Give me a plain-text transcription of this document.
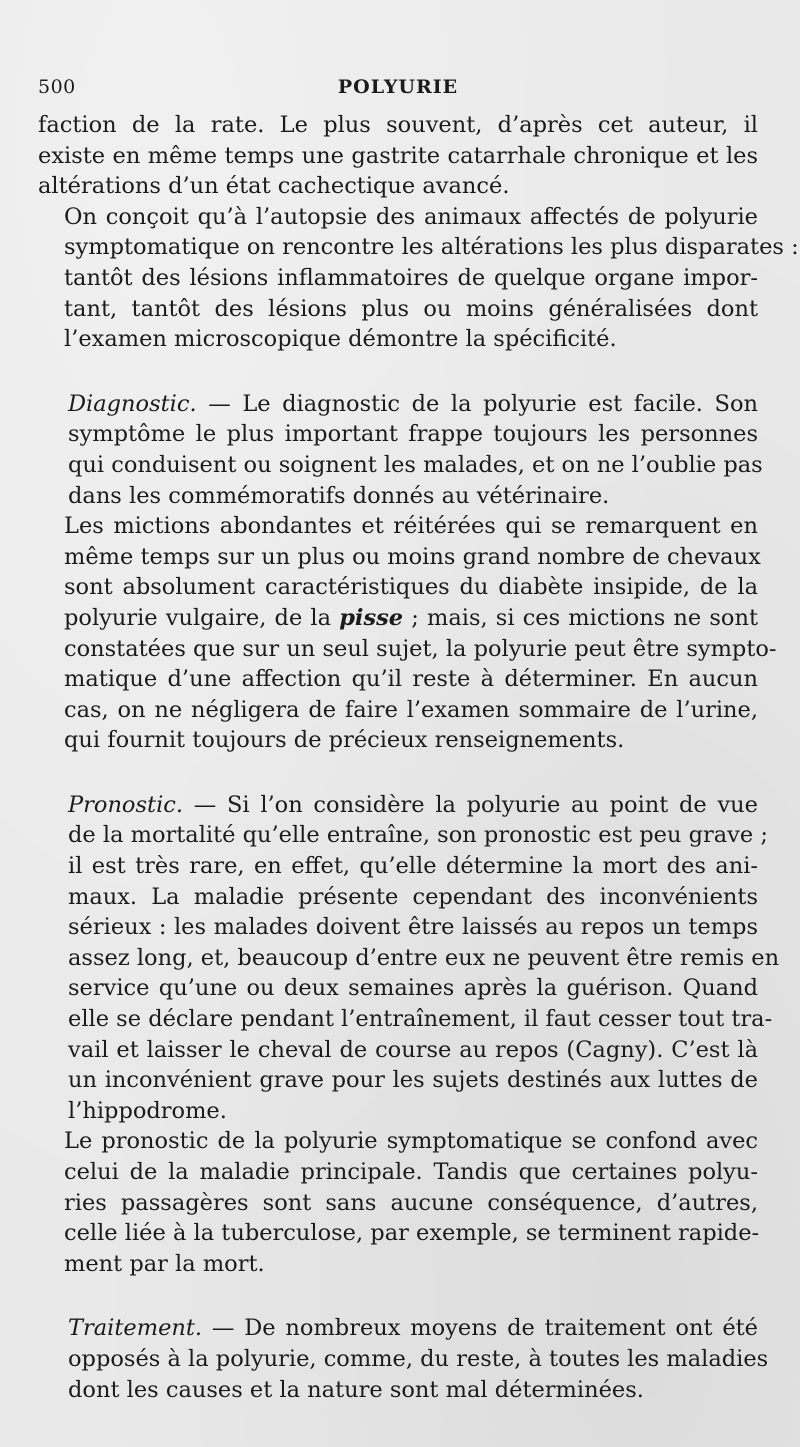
500	POLYURIE

faction de la rate. Le plus souvent, d’après cet auteur, il
existe en même temps une gastrite catarrhale chronique et les
altérations d’un état cachectique avancé.

On conçoit qu’à l’autopsie des animaux affectés de polyurie
symptomatique on rencontre les altérations les plus disparates :
tantôt des lésions inflammatoires de quelque organe impor-
tant, tantôt des lésions plus ou moins généralisées dont
l’examen microscopique démontre la spécificité.

Diagnostic. — Le diagnostic de la polyurie est facile. Son
symptôme le plus important frappe toujours les personnes
qui conduisent ou soignent les malades, et on ne l’oublie pas
dans les commémoratifs donnés au vétérinaire.

Les mictions abondantes et réitérées qui se remarquent en
même temps sur un plus ou moins grand nombre de chevaux
sont absolument caractéristiques du diabète insipide, de la
polyurie vulgaire, de la pisse ; mais, si ces mictions ne sont
constatées que sur un seul sujet, la polyurie peut être sympto-
matique d’une affection qu’il reste à déterminer. En aucun
cas, on ne négligera de faire l’examen sommaire de l’urine,
qui fournit toujours de précieux renseignements.

Pronostic. — Si l’on considère la polyurie au point de vue
de la mortalité qu’elle entraîne, son pronostic est peu grave ;
il est très rare, en effet, qu’elle détermine la mort des ani-
maux. La maladie présente cependant des inconvénients
sérieux : les malades doivent être laissés au repos un temps
assez long, et, beaucoup d’entre eux ne peuvent être remis en
service qu’une ou deux semaines après la guérison. Quand
elle se déclare pendant l’entraînement, il faut cesser tout tra-
vail et laisser le cheval de course au repos (Cagny). C’est là
un inconvénient grave pour les sujets destinés aux luttes de
l’hippodrome.

Le pronostic de la polyurie symptomatique se confond avec
celui de la maladie principale. Tandis que certaines polyu-
ries passagères sont sans aucune conséquence, d’autres,
celle liée à la tuberculose, par exemple, se terminent rapide-
ment par la mort.

Traitement. — De nombreux moyens de traitement ont été
opposés à la polyurie, comme, du reste, à toutes les maladies
dont les causes et la nature sont mal déterminées.
